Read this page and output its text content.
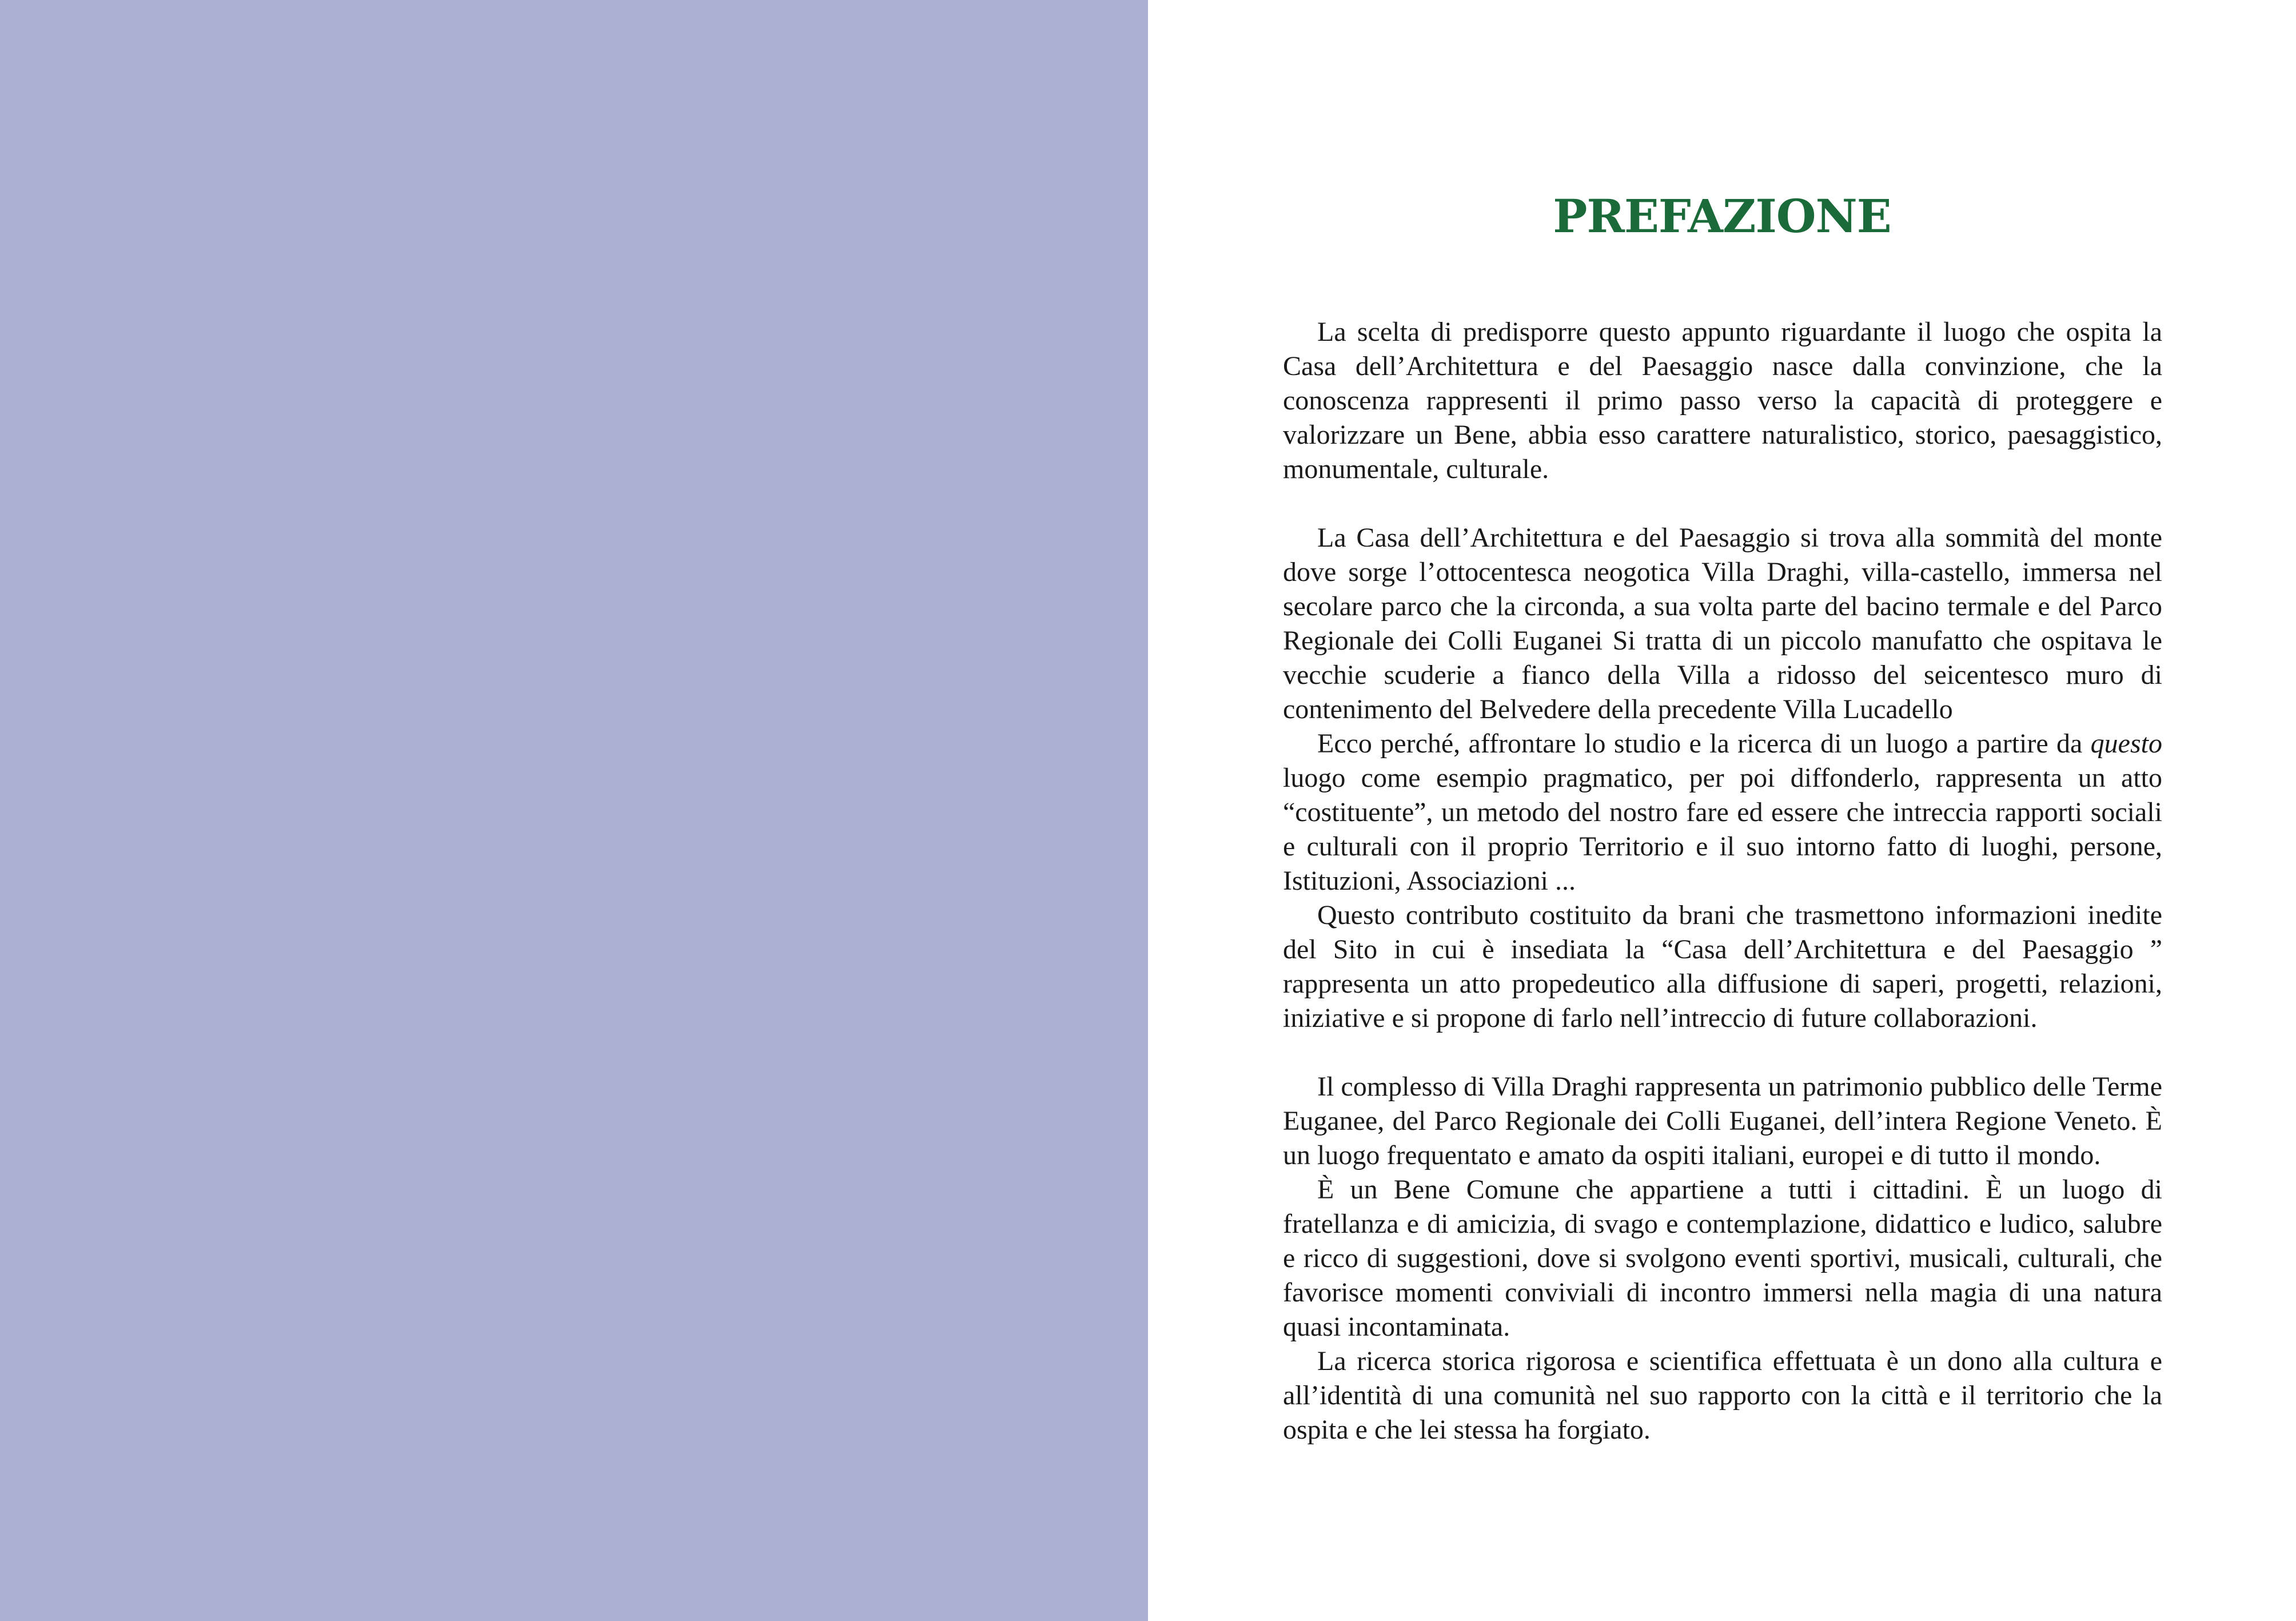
PREFAZIONE

La scelta di predisporre questo appunto riguardante il luogo che ospita la Casa dell’Architettura e del Paesaggio nasce dalla convinzione, che la conoscenza rappresenti il primo passo verso la capacità di proteggere e valorizzare un Bene, abbia esso carattere naturalistico, storico, paesaggistico, monumentale, culturale.

La Casa dell’Architettura e del Paesaggio si trova alla sommità del monte dove sorge l’ottocentesca neogotica Villa Draghi, villa-castello, immersa nel secolare parco che la circonda, a sua volta parte del bacino termale e del Parco Regionale dei Colli Euganei Si tratta di un piccolo manufatto che ospitava le vecchie scuderie a fianco della Villa a ridosso del seicentesco muro di contenimento del Belvedere della precedente Villa Lucadello

Ecco perché, affrontare lo studio e la ricerca di un luogo a partire da questo luogo come esempio pragmatico, per poi diffonderlo, rappresenta un atto “costituente”, un metodo del nostro fare ed essere che intreccia rapporti sociali e culturali con il proprio Territorio e il suo intorno fatto di luoghi, persone, Istituzioni, Associazioni ...

Questo contributo costituito da brani che trasmettono informazioni inedite del Sito in cui è insediata la “Casa dell’Architettura e del Paesaggio ” rappresenta un atto propedeutico alla diffusione di saperi, progetti, relazioni, iniziative e si propone di farlo nell’intreccio di future collaborazioni.

Il complesso di Villa Draghi rappresenta un patrimonio pubblico delle Terme Euganee, del Parco Regionale dei Colli Euganei, dell’intera Regione Veneto. È un luogo frequentato e amato da ospiti italiani, europei e di tutto il mondo.

È un Bene Comune che appartiene a tutti i cittadini. È un luogo di fratellanza e di amicizia, di svago e contemplazione, didattico e ludico, salubre e ricco di suggestioni, dove si svolgono eventi sportivi, musicali, culturali, che favorisce momenti conviviali di incontro immersi nella magia di una natura quasi incontaminata.

La ricerca storica rigorosa e scientifica effettuata è un dono alla cultura e all’identità di una comunità nel suo rapporto con la città e il territorio che la ospita e che lei stessa ha forgiato.
